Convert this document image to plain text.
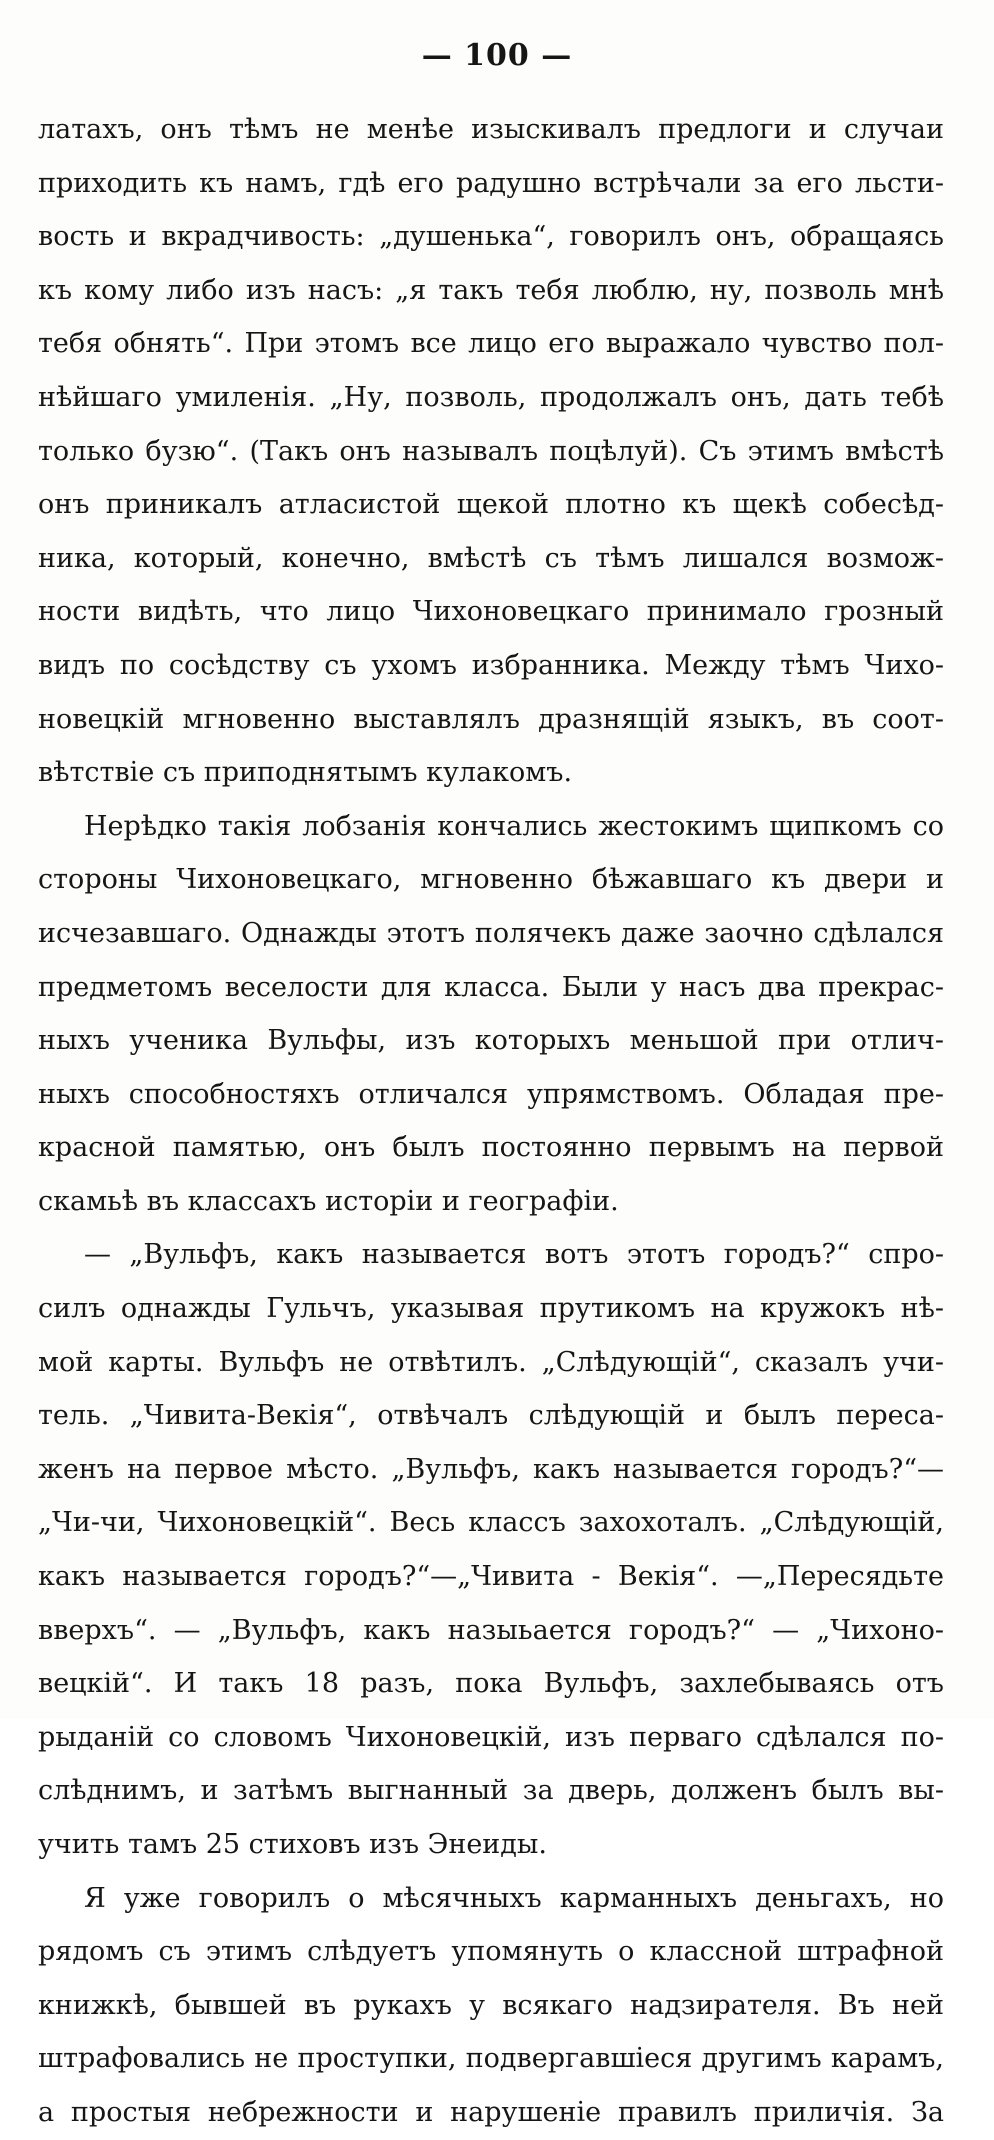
— 100 —
латахъ, онъ тѣмъ не менѣе изыскивалъ предлоги и случаи
приходить къ намъ, гдѣ его радушно встрѣчали за его льсти-
вость и вкрадчивость: „душенька“, говорилъ онъ, обращаясь
къ кому либо изъ насъ: „я такъ тебя люблю, ну, позволь мнѣ
тебя обнять“. При этомъ все лицо его выражало чувство пол-
нѣйшаго умиленія. „Ну, позволь, продолжалъ онъ, дать тебѣ
только бузю“. (Такъ онъ называлъ поцѣлуй). Съ этимъ вмѣстѣ
онъ приникалъ атласистой щекой плотно къ щекѣ собесѣд-
ника, который, конечно, вмѣстѣ съ тѣмъ лишался возмож-
ности видѣть, что лицо Чихоновецкаго принимало грозный
видъ по сосѣдству съ ухомъ избранника. Между тѣмъ Чихо-
новецкій мгновенно выставлялъ дразнящій языкъ, въ соот-
вѣтствіе съ приподнятымъ кулакомъ.
Нерѣдко такія лобзанія кончались жестокимъ щипкомъ со
стороны Чихоновецкаго, мгновенно бѣжавшаго къ двери и
исчезавшаго. Однажды этотъ полячекъ даже заочно сдѣлался
предметомъ веселости для класса. Были у насъ два прекрас-
ныхъ ученика Вульфы, изъ которыхъ меньшой при отлич-
ныхъ способностяхъ отличался упрямствомъ. Обладая пре-
красной памятью, онъ былъ постоянно первымъ на первой
скамьѣ въ классахъ исторіи и географіи.
— „Вульфъ, какъ называется вотъ этотъ городъ?“ спро-
силъ однажды Гульчъ, указывая прутикомъ на кружокъ нѣ-
мой карты. Вульфъ не отвѣтилъ. „Слѣдующій“, сказалъ учи-
тель. „Чивита-Векія“, отвѣчалъ слѣдующій и былъ переса-
женъ на первое мѣсто. „Вульфъ, какъ называется городъ?“—
„Чи-чи, Чихоновецкій“. Весь классъ захохоталъ. „Слѣдующій,
какъ называется городъ?“—„Чивита - Векія“. —„Пересядьте
вверхъ“. — „Вульфъ, какъ назыьается городъ?“ — „Чихоно-
вецкій“. И такъ 18 разъ, пока Вульфъ, захлебываясь отъ
рыданій со словомъ Чихоновецкій, изъ перваго сдѣлался по-
слѣднимъ, и затѣмъ выгнанный за дверь, долженъ былъ вы-
учить тамъ 25 стиховъ изъ Энеиды.
Я уже говорилъ о мѣсячныхъ карманныхъ деньгахъ, но
рядомъ съ этимъ слѣдуетъ упомянуть о классной штрафной
книжкѣ, бывшей въ рукахъ у всякаго надзирателя. Въ ней
штрафовались не проступки, подвергавшіеся другимъ карамъ,
а простыя небрежности и нарушеніе правилъ приличія. За
